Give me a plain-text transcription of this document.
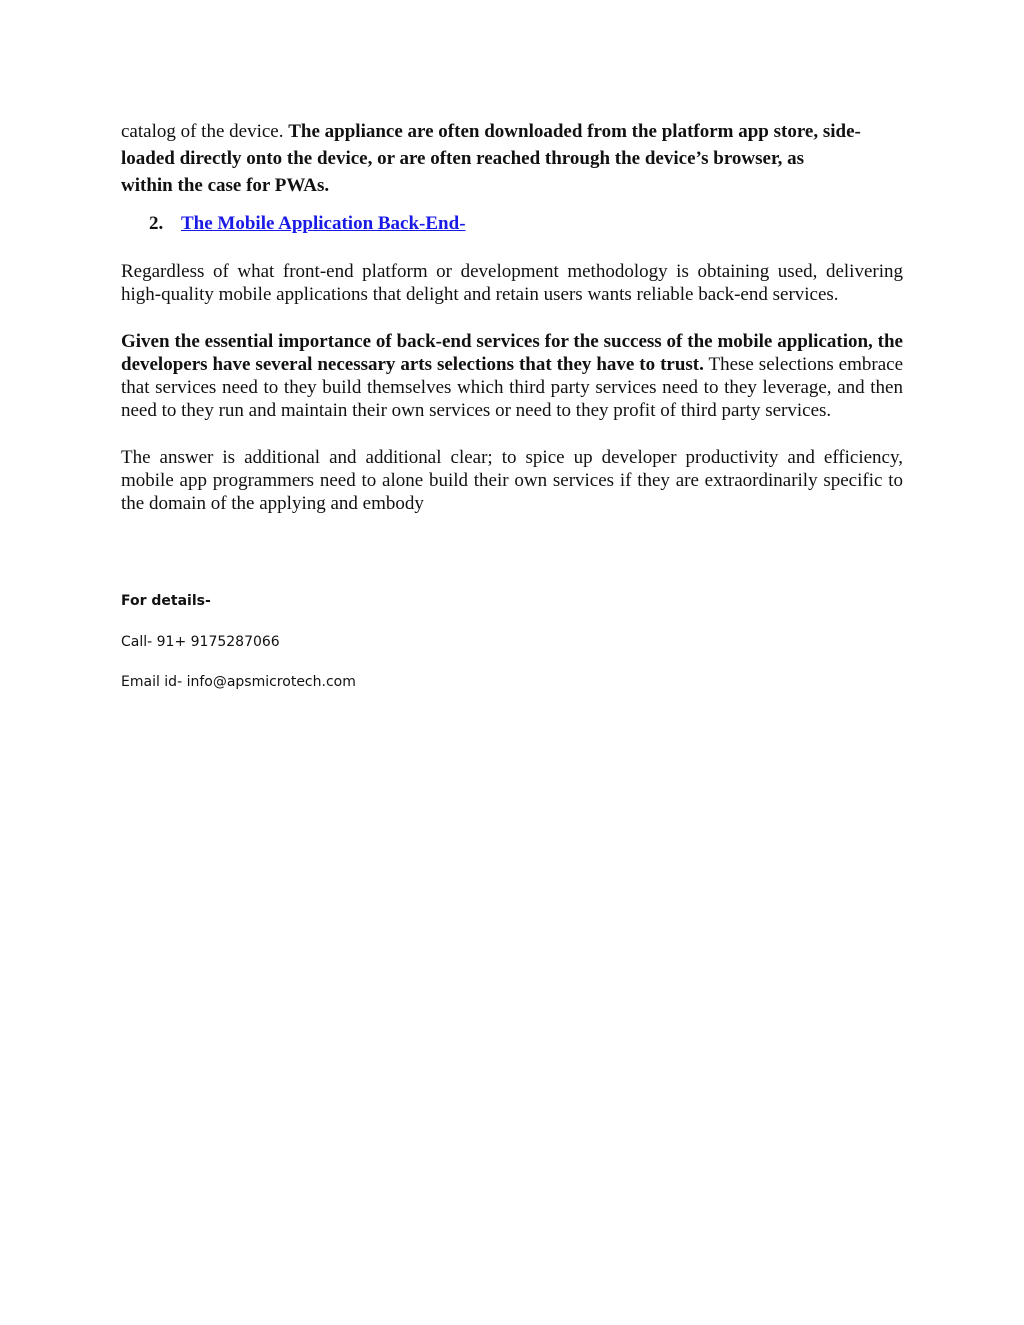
catalog of the device. The appliance are often downloaded from the platform app store, side-
loaded directly onto the device, or are often reached through the device’s browser, as
within the case for PWAs.

2. The Mobile Application Back-End-

Regardless of what front-end platform or development methodology is obtaining used, delivering high-quality mobile applications that delight and retain users wants reliable back-end services.

Given the essential importance of back-end services for the success of the mobile application, the developers have several necessary arts selections that they have to trust. These selections embrace that services need to they build themselves which third party services need to they leverage, and then need to they run and maintain their own services or need to they profit of third party services.

The answer is additional and additional clear; to spice up developer productivity and efficiency, mobile app programmers need to alone build their own services if they are extraordinarily specific to the domain of the applying and embody

For details-
Call- 91+ 9175287066
Email id- info@apsmicrotech.com
